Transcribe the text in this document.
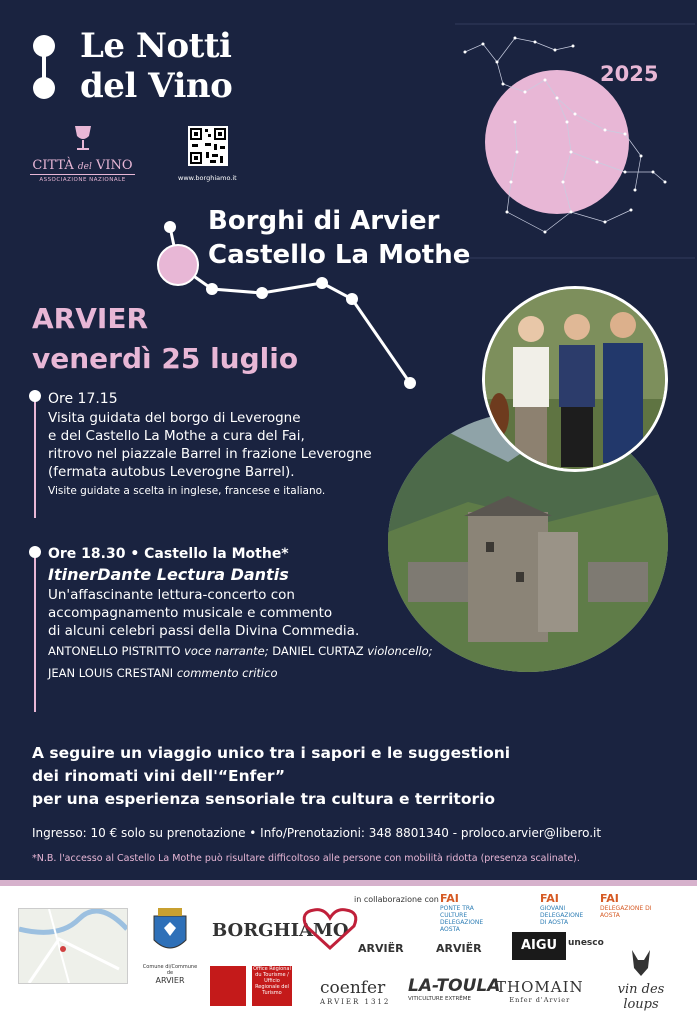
Le Notti
del Vino
CITTÀ del VINO
ASSOCIAZIONE NAZIONALE	www.borghiamo.it
2025
Borghi di Arvier
Castello La Mothe
ARVIER
venerdì 25 luglio
Ore 17.15
Visita guidata del borgo di Leverogne
e del Castello La Mothe a cura del Fai,
ritrovo nel piazzale Barrel in frazione Leverogne
(fermata autobus Leverogne Barrel).
Visite guidate a scelta in inglese, francese e italiano.
Ore 18.30 • Castello la Mothe*
ItinerDante Lectura Dantis
Un'affascinante lettura-concerto con
accompagnamento musicale e commento
di alcuni celebri passi della Divina Commedia.
ANTONELLO PISTRITTO voce narrante; DANIEL CURTAZ violoncello;
JEAN LOUIS CRESTANI commento critico
A seguire un viaggio unico tra i sapori e le suggestioni
dei rinomati vini dell'“Enfer”
per una esperienza sensoriale tra cultura e territorio
Ingresso: 10 € solo su prenotazione • Info/Prenotazioni: 348 8801340 - proloco.arvier@libero.it
*N.B. l'accesso al Castello La Mothe può risultare difficoltoso alle persone con mobilità ridotta (presenza scalinate).
in collaborazione con FAI
PONTE TRA CULTURE DELEGAZIONE AOSTA
FAI
GIOVANI DELEGAZIONE DI AOSTA
FAI
DELEGAZIONE DI AOSTA
Comune di/Commune de
ARVIER
BORGHIAMO
ARVIËR	ARVIËR	AIGU	unesco
Office Régional du Tourisme / Ufficio Regionale del Turismo	coenfer
ARVIER 1312
LA-TOULA
VITICULTURE EXTRÊME
THOMAIN
Enfer d'Arvier
vin des loups
